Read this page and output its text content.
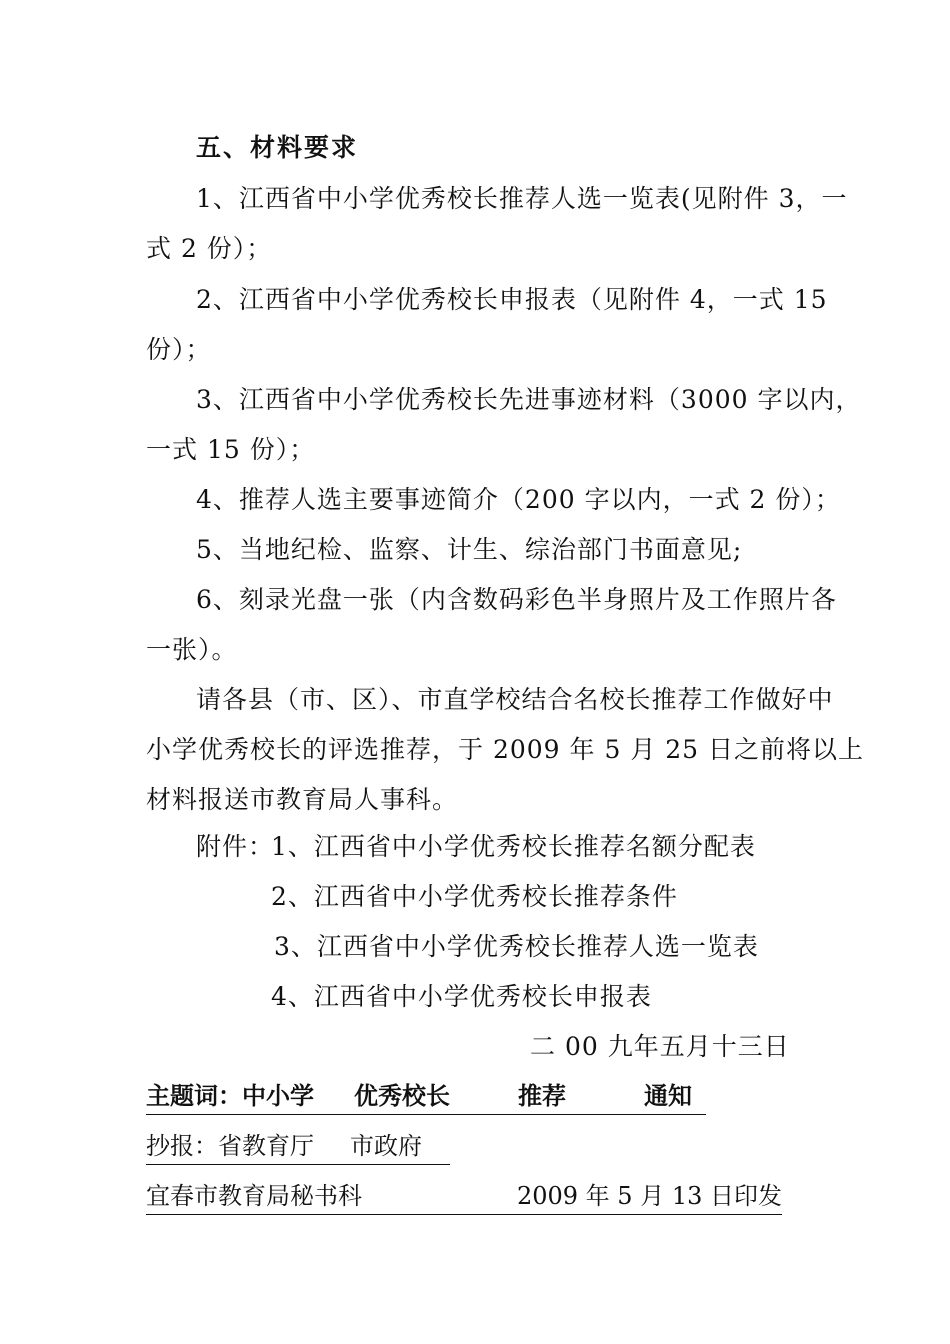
五、材料要求
1、江西省中小学优秀校长推荐人选一览表(见附件 3，一
式 2 份）；
2、江西省中小学优秀校长申报表（见附件 4，一式 15
份）；
3、江西省中小学优秀校长先进事迹材料（3000 字以内，
一式 15 份）；
4、推荐人选主要事迹简介（200 字以内，一式 2 份）；
5、当地纪检、监察、计生、综治部门书面意见;
6、刻录光盘一张（内含数码彩色半身照片及工作照片各
一张）。
请各县（市、区）、市直学校结合名校长推荐工作做好中
小学优秀校长的评选推荐，于 2009 年 5 月 25 日之前将以上
材料报送市教育局人事科。
附件：
1、江西省中小学优秀校长推荐名额分配表
2、江西省中小学优秀校长推荐条件
3、江西省中小学优秀校长推荐人选一览表
4、江西省中小学优秀校长申报表
二 00 九年五月十三日
主题词：中小学 优秀校长	推荐	通知
抄报：省教育厅 市政府
宜春市教育局秘书科	2009 年 5 月 13 日印发
